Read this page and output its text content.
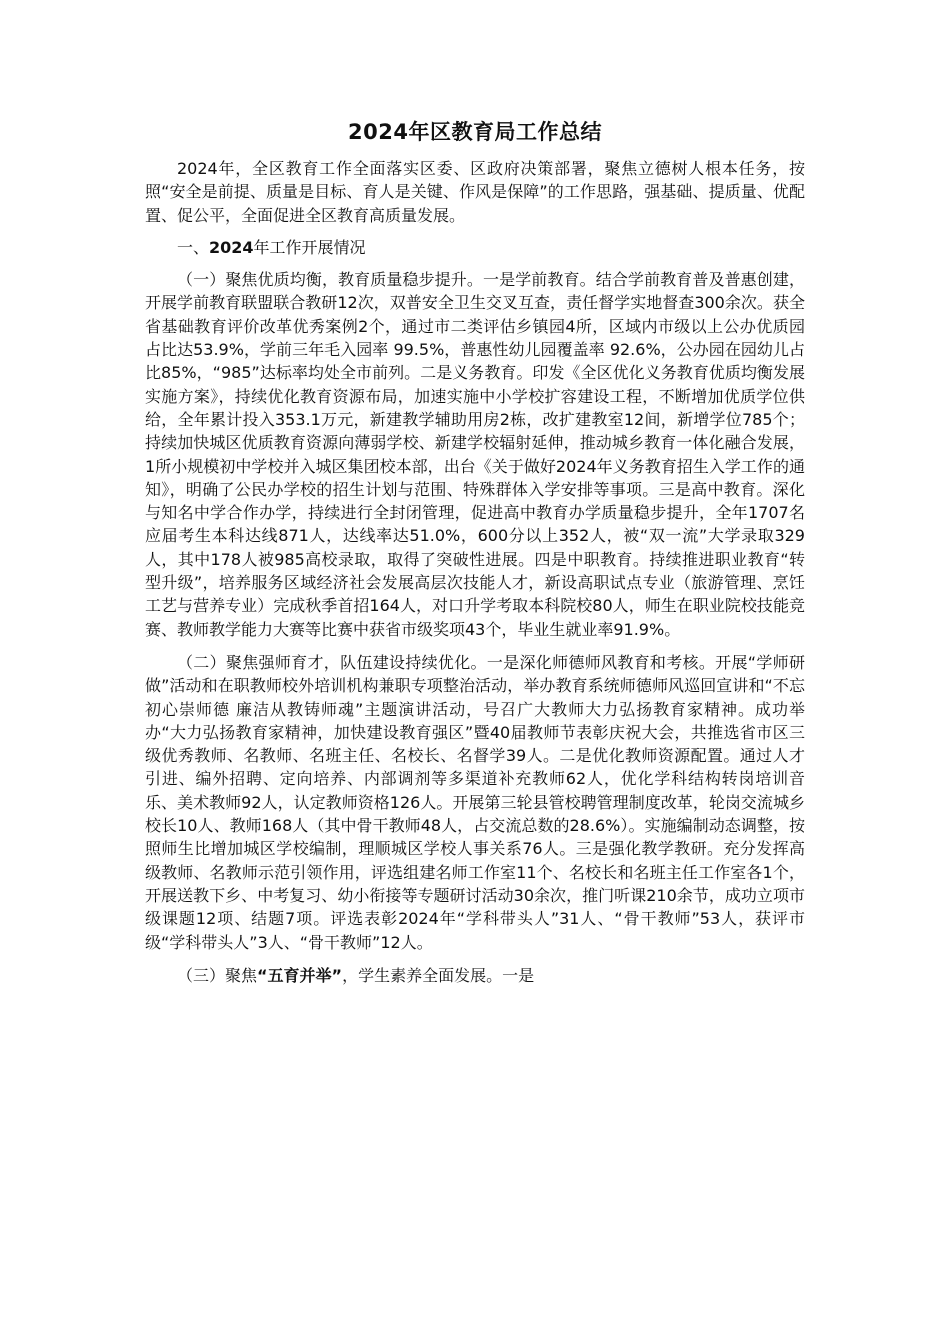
2024年区教育局工作总结

2024年，全区教育工作全面落实区委、区政府决策部署，聚焦立德树人根本任务，按照“安全是前提、质量是目标、育人是关键、作风是保障”的工作思路，强基础、提质量、优配置、促公平，全面促进全区教育高质量发展。

一、2024年工作开展情况

（一）聚焦优质均衡，教育质量稳步提升。一是学前教育。结合学前教育普及普惠创建，开展学前教育联盟联合教研12次，双普安全卫生交叉互查，责任督学实地督查300余次。获全省基础教育评价改革优秀案例2个，通过市二类评估乡镇园4所，区域内市级以上公办优质园占比达53.9%，学前三年毛入园率 99.5%，普惠性幼儿园覆盖率 92.6%，公办园在园幼儿占比85%，“985”达标率均处全市前列。二是义务教育。印发《全区优化义务教育优质均衡发展实施方案》，持续优化教育资源布局，加速实施中小学校扩容建设工程，不断增加优质学位供给，全年累计投入353.1万元，新建教学辅助用房2栋，改扩建教室12间，新增学位785个；持续加快城区优质教育资源向薄弱学校、新建学校辐射延伸，推动城乡教育一体化融合发展，1所小规模初中学校并入城区集团校本部，出台《关于做好2024年义务教育招生入学工作的通知》，明确了公民办学校的招生计划与范围、特殊群体入学安排等事项。三是高中教育。深化与知名中学合作办学，持续进行全封闭管理，促进高中教育办学质量稳步提升，全年1707名应届考生本科达线871人，达线率达51.0%，600分以上352人，被“双一流”大学录取329人，其中178人被985高校录取，取得了突破性进展。四是中职教育。持续推进职业教育“转型升级”，培养服务区域经济社会发展高层次技能人才，新设高职试点专业（旅游管理、烹饪工艺与营养专业）完成秋季首招164人，对口升学考取本科院校80人，师生在职业院校技能竞赛、教师教学能力大赛等比赛中获省市级奖项43个，毕业生就业率91.9%。

（二）聚焦强师育才，队伍建设持续优化。一是深化师德师风教育和考核。开展“学师研做”活动和在职教师校外培训机构兼职专项整治活动，举办教育系统师德师风巡回宣讲和“不忘初心崇师德 廉洁从教铸师魂”主题演讲活动，号召广大教师大力弘扬教育家精神。成功举办“大力弘扬教育家精神，加快建设教育强区”暨40届教师节表彰庆祝大会，共推选省市区三级优秀教师、名教师、名班主任、名校长、名督学39人。二是优化教师资源配置。通过人才引进、编外招聘、定向培养、内部调剂等多渠道补充教师62人，优化学科结构转岗培训音乐、美术教师92人，认定教师资格126人。开展第三轮县管校聘管理制度改革，轮岗交流城乡校长10人、教师168人（其中骨干教师48人，占交流总数的28.6%）。实施编制动态调整，按照师生比增加城区学校编制，理顺城区学校人事关系76人。三是强化教学教研。充分发挥高级教师、名教师示范引领作用，评选组建名师工作室11个、名校长和名班主任工作室各1个，开展送教下乡、中考复习、幼小衔接等专题研讨活动30余次，推门听课210余节，成功立项市级课题12项、结题7项。评选表彰2024年“学科带头人”31人、“骨干教师”53人，获评市级“学科带头人”3人、“骨干教师”12人。

（三）聚焦“五育并举”，学生素养全面发展。一是
